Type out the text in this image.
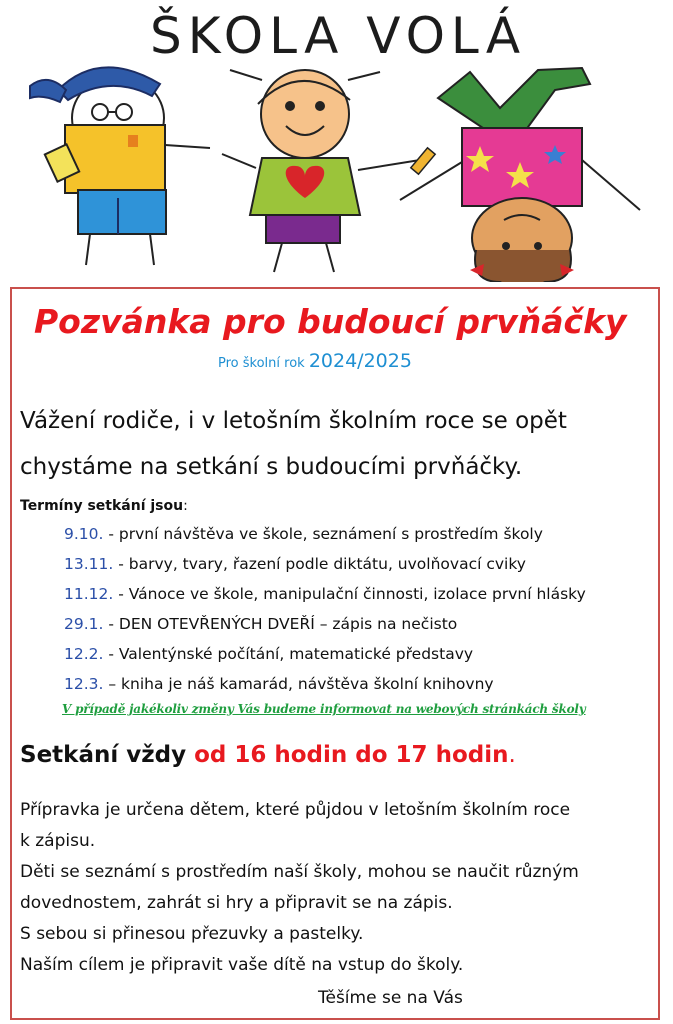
ŠKOLA VOLÁ
Pozvánka pro budoucí prvňáčky
Pro školní rok 2024/2025
Vážení rodiče, i v letošním školním roce se opět chystáme na setkání s budoucími prvňáčky.
Termíny setkání jsou:
9.10. - první návštěva ve škole, seznámení s prostředím školy
13.11. - barvy, tvary, řazení podle diktátu, uvolňovací cviky
11.12. - Vánoce ve škole, manipulační činnosti, izolace první hlásky
29.1. - DEN OTEVŘENÝCH DVEŘÍ – zápis na nečisto
12.2. - Valentýnské počítání, matematické představy
12.3. – kniha je náš kamarád, návštěva školní knihovny
V případě jakékoliv změny Vás budeme informovat na webových stránkách školy
Setkání vždy od 16 hodin do 17 hodin.
Přípravka je určena dětem, které půjdou v letošním školním roce
k zápisu.
Děti se seznámí s prostředím naší školy, mohou se naučit různým
dovednostem, zahrát si hry a připravit se na zápis.
S sebou si přinesou přezuvky a pastelky.
Naším cílem je připravit vaše dítě na vstup do školy.
Těšíme se na Vás
